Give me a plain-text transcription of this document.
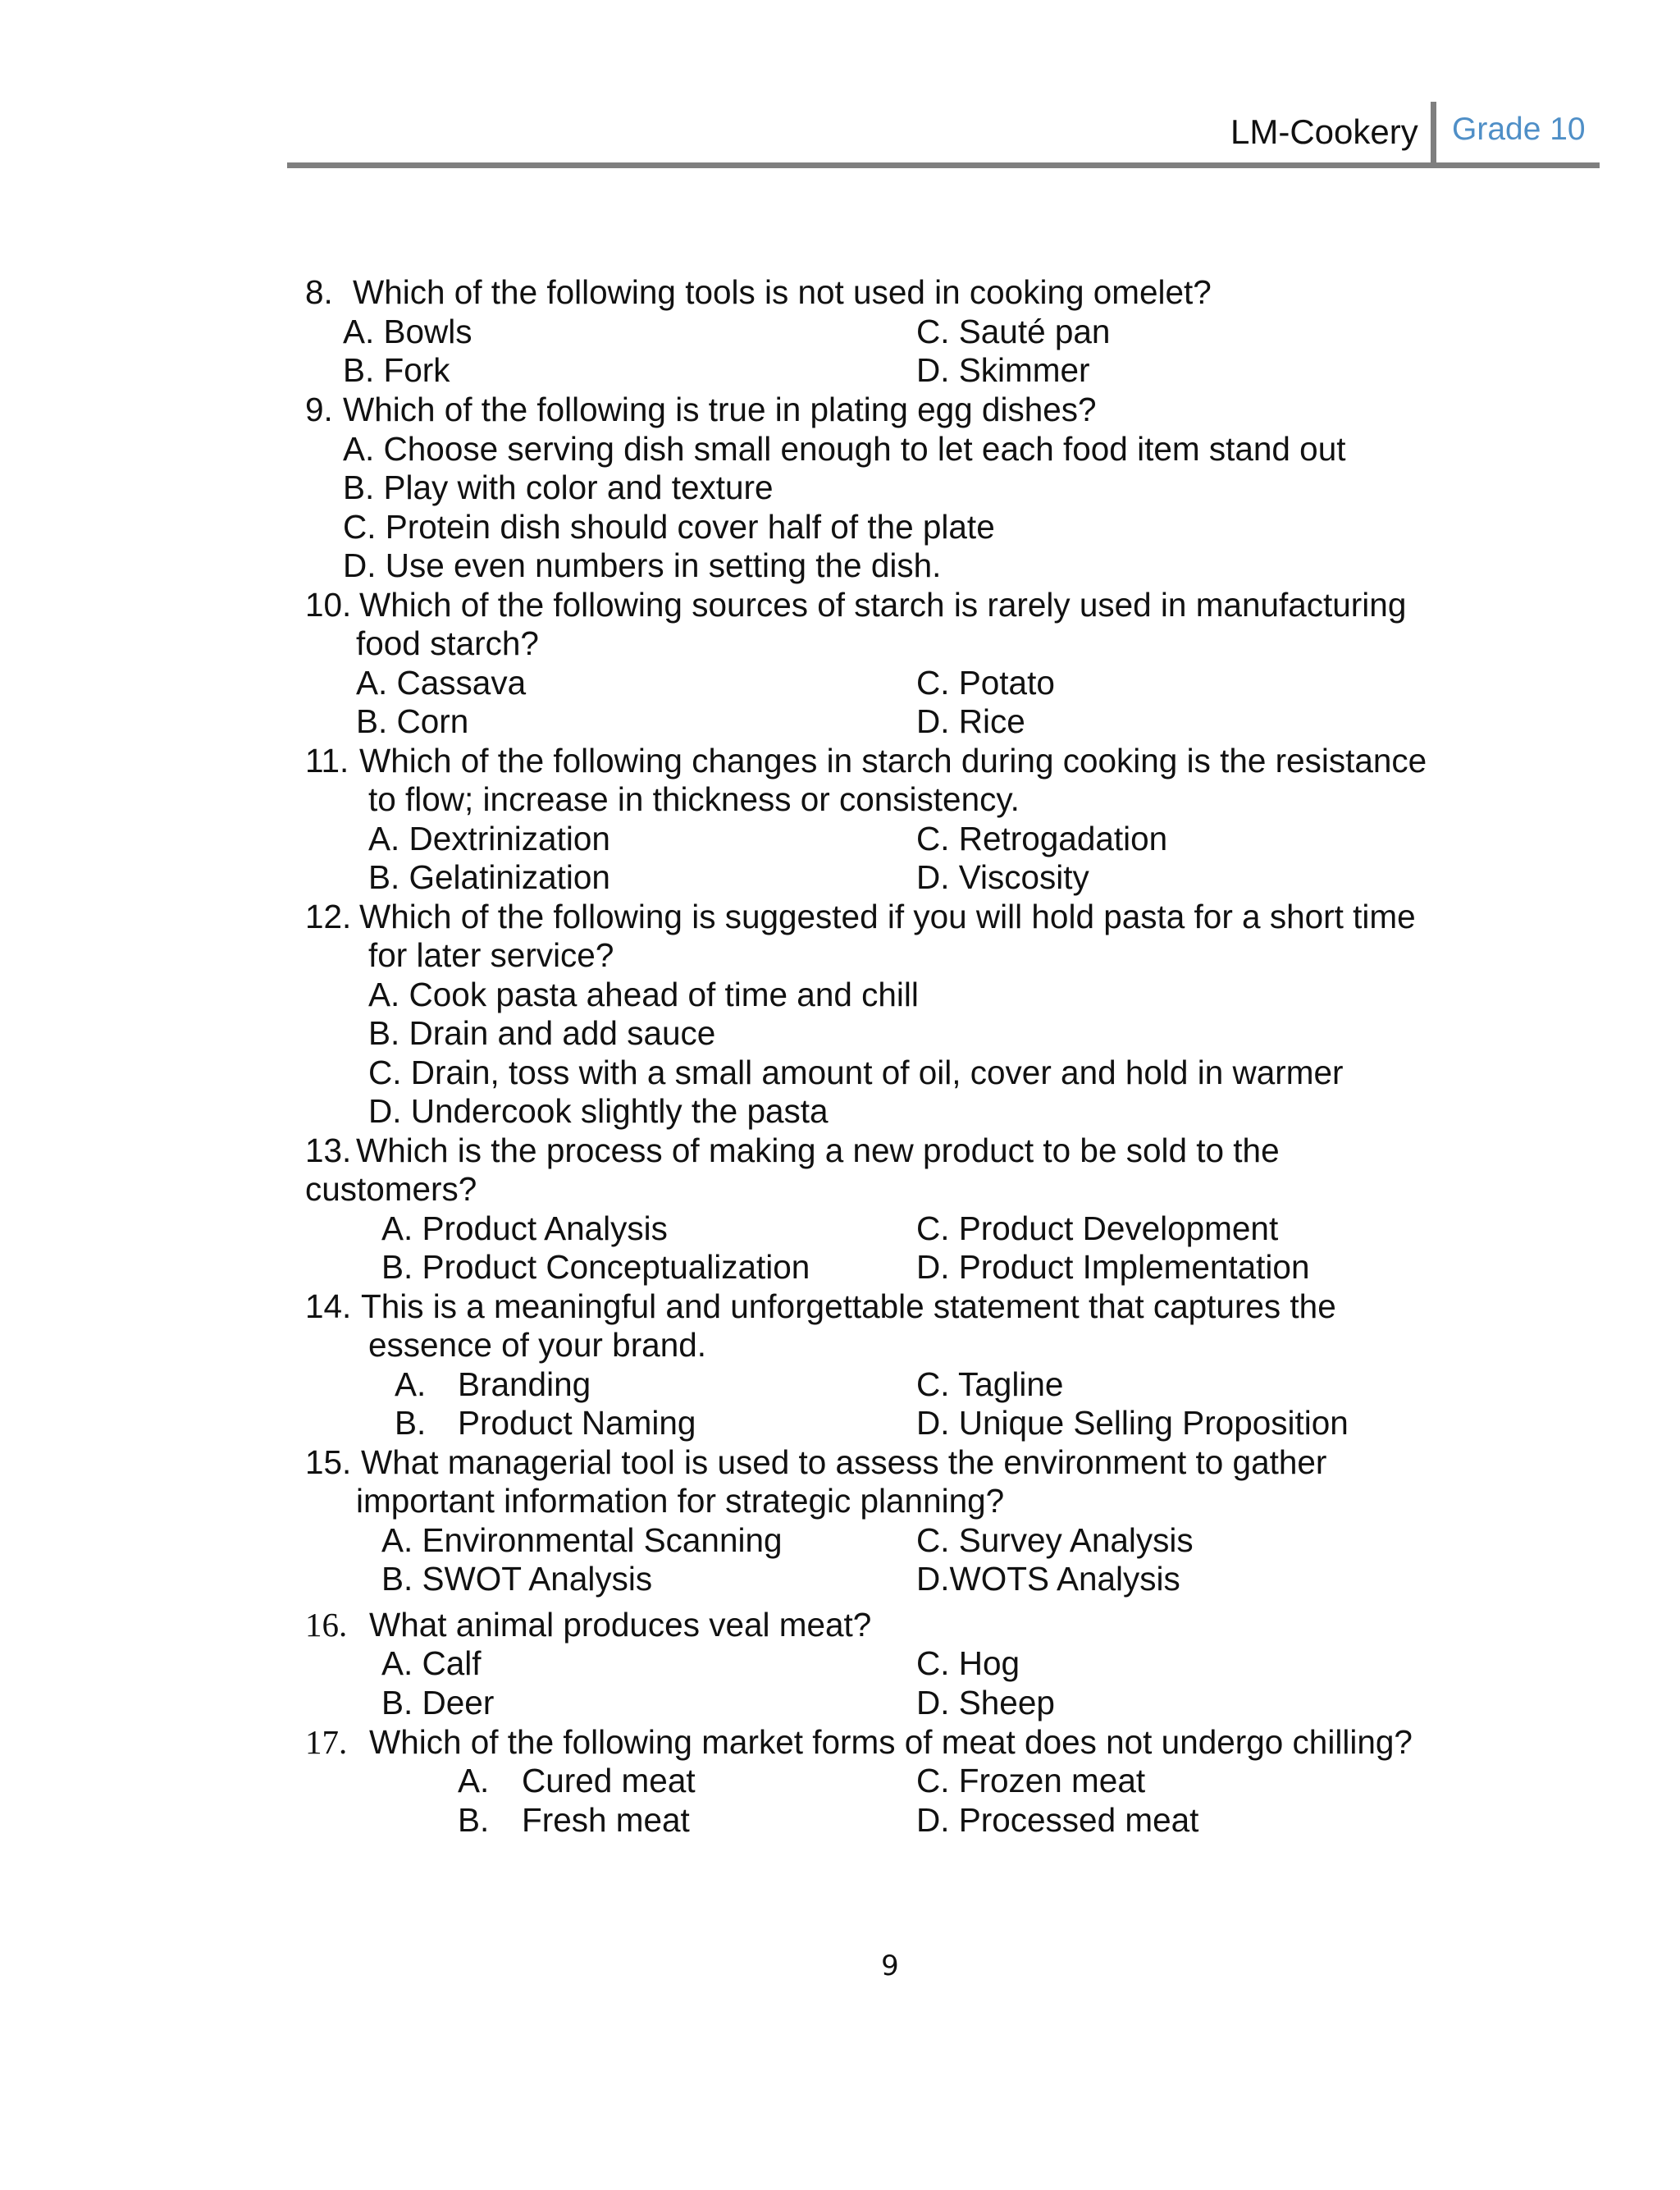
LM-Cookery Grade 10
8. Which of the following tools is not used in cooking omelet?
A. Bowls	C. Sauté pan
B. Fork	D. Skimmer
9. Which of the following is true in plating egg dishes?
A. Choose serving dish small enough to let each food item stand out
B. Play with color and texture
C. Protein dish should cover half of the plate
D. Use even numbers in setting the dish.
10. Which of the following sources of starch is rarely used in manufacturing
food starch?
A. Cassava	C. Potato
B. Corn	D. Rice
11. Which of the following changes in starch during cooking is the resistance
to flow; increase in thickness or consistency.
A. Dextrinization	C. Retrogadation
B. Gelatinization	D. Viscosity
12. Which of the following is suggested if you will hold pasta for a short time
for later service?
A. Cook pasta ahead of time and chill
B. Drain and add sauce
C. Drain, toss with a small amount of oil, cover and hold in warmer
D. Undercook slightly the pasta
13. Which is the process of making a new product to be sold to the
customers?
A. Product Analysis	C. Product Development
B. Product Conceptualization	D. Product Implementation
14. This is a meaningful and unforgettable statement that captures the
essence of your brand.
A. Branding	C. Tagline
B. Product Naming	D. Unique Selling Proposition
15. What managerial tool is used to assess the environment to gather
important information for strategic planning?
A. Environmental Scanning	C. Survey Analysis
B. SWOT Analysis	D.WOTS Analysis
16. What animal produces veal meat?
A. Calf	C. Hog
B. Deer	D. Sheep
17. Which of the following market forms of meat does not undergo chilling?
A. Cured meat	C. Frozen meat
B. Fresh meat	D. Processed meat
9
